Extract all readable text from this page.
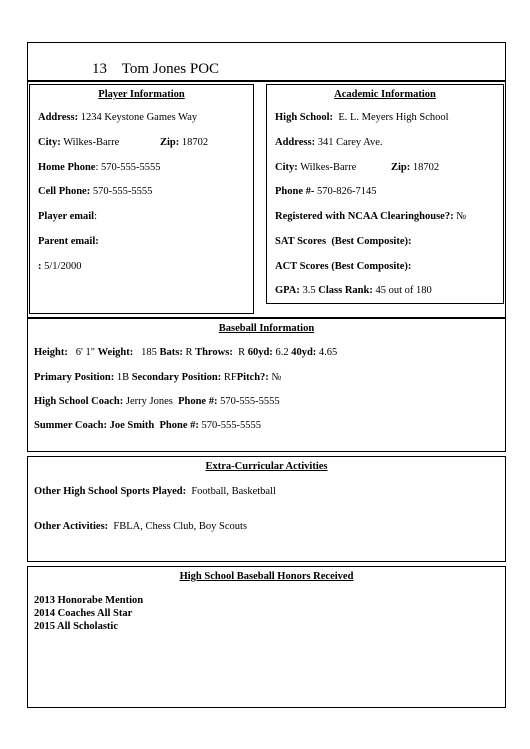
13 Tom Jones POC
Player Information
Address: 1234 Keystone Games Way
City: Wilkes-Barre	Zip: 18702
Home Phone: 570-555-5555
Cell Phone: 570-555-5555
Player email:
Parent email:
: 5/1/2000
Academic Information
High School: E. L. Meyers High School
Address: 341 Carey Ave.
City: Wilkes-Barre	Zip: 18702
Phone #- 570-826-7145
Registered with NCAA Clearinghouse?: №
SAT Scores (Best Composite):
ACT Scores (Best Composite):
GPA: 3.5 Class Rank: 45 out of 180
Baseball Information
Height: 6' 1" Weight: 185 Bats: R Throws: R 60yd: 6.2 40yd: 4.65
Primary Position: 1B Secondary Position: RFPitch?: №
High School Coach: Jerry Jones Phone #: 570-555-5555
Summer Coach: Joe Smith Phone #: 570-555-5555
Extra-Curricular Activities
Other High School Sports Played: Football, Basketball
Other Activities: FBLA, Chess Club, Boy Scouts
High School Baseball Honors Received
2013 Honorabe Mention
2014 Coaches All Star
2015 All Scholastic
